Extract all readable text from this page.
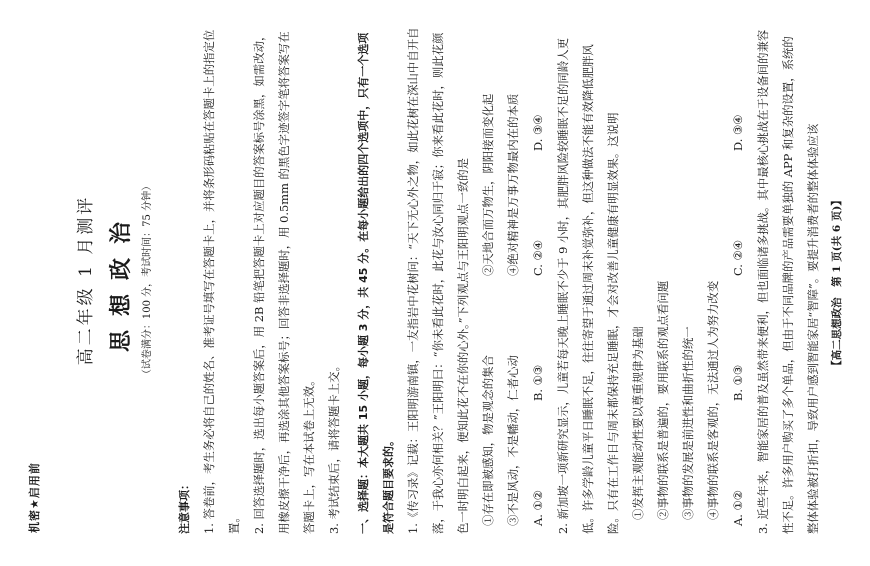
机密★启用前
高二年级 1 月测评 思想政治 （试卷满分：100 分，考试时间：75 分钟）
注意事项： 1. 答卷前，考生务必将自己的姓名、准考证号填写在答题卡上，并将条形码粘贴在答题卡上的指定位置。 2. 回答选择题时，选出每小题答案后，用 2B 铅笔把答题卡上对应题目的答案标号涂黑，如需改动，用橡皮擦干净后，再选涂其他答案标号；回答非选择题时，用 0.5mm 的黑色字迹签字笔将答案写在答题卡上，写在本试卷上无效。 3. 考试结束后，请将答题卡上交。	一、选择题：本大题共 15 小题，每小题 3 分，共 45 分。在每小题给出的四个选项中，只有一个选项是符合题目要求的。 1.《传习录》记载：王阳明游南镇，一友指岩中花树问：“天下无心外之物，如此花树在深山中自开自落，于我心亦何相关？”王阳明曰：“你未看此花时，此花与汝心同归于寂；你来看此花时，则此花颜色一时明白起来，便知此花不在你的心外。”下列观点与王阳明观点一致的是 ①存在即被感知，物是观念的集合
②天地合而万物生，阴阳接而变化起
③不是风动，不是幡动，仁者心动
④绝对精神是万事万物最内在的本质
A. ①②
B. ①③
C. ②④
D. ③④ 2. 新加坡一项新研究显示，儿童若每天晚上睡眠不少于 9 小时，其肥胖风险较睡眠不足的同龄人更低。许多学龄儿童平日睡眠不足，往往寄望于通过周末补觉弥补，但这种做法不能有效降低肥胖风险。只有在工作日与周末都保持充足睡眠，才会对改善儿童健康有明显效果。这说明 ①发挥主观能动性要以尊重规律为基础 ②事物的联系是普遍的，要用联系的观点看问题 ③事物的发展是前进性和曲折性的统一 ④事物的联系是客观的，无法通过人为努力改变 A. ①②
B. ①③
C. ②④
D. ③④ 3. 近些年来，智能家居的普及虽然带来便利，但也面临诸多挑战。其中最核心挑战在于设备间的兼容性不足。许多用户购买了多个单品，但由于不同品牌的产品需要单独的 APP 和复杂的设置，系统的整体体验被打折扣，导致用户感到智能家居“智障”。要提升消费者的整体体验应该	【高二思想政治　第 1 页(共 6 页)】
